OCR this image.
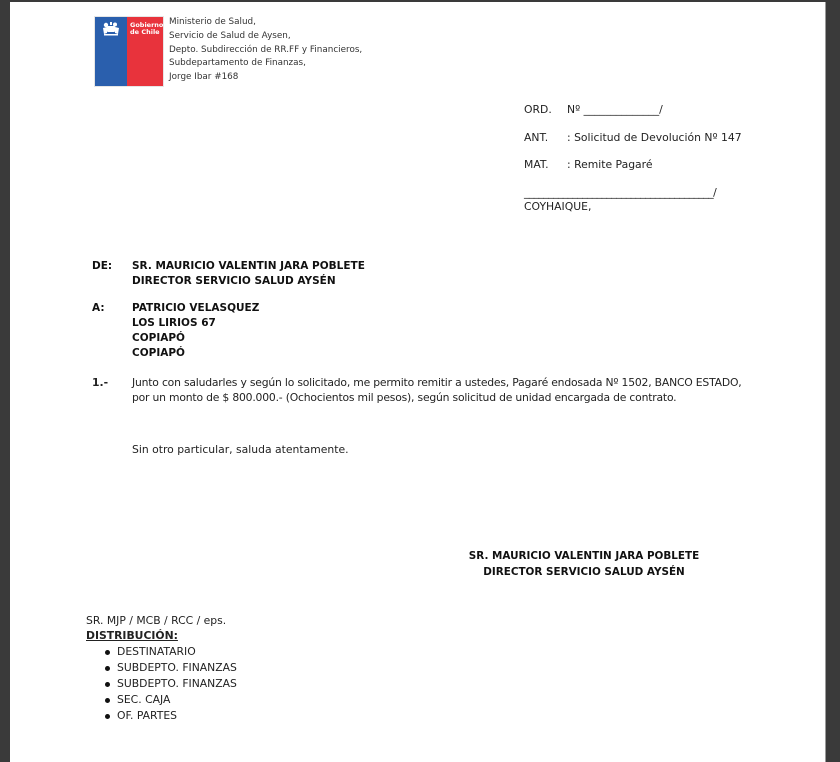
Gobierno
de Chile
Ministerio de Salud,
Servicio de Salud de Aysen,
Depto. Subdirección de RR.FF y Financieros,
Subdepartamento de Finanzas,
Jorge Ibar #168
ORD. Nº ______________/
ANT. : Solicitud de Devolución Nº 147
MAT. : Remite Pagaré
_______________________________________/
COYHAIQUE,
DE: SR. MAURICIO VALENTIN JARA POBLETE
DIRECTOR SERVICIO SALUD AYSÉN
A:	PATRICIO VELASQUEZ
LOS LIRIOS 67
COPIAPÓ
COPIAPÓ
1.- Junto con saludarles y según lo solicitado, me permito remitir a ustedes, Pagaré endosada Nº 1502, BANCO ESTADO,
por un monto de $ 800.000.- (Ochocientos mil pesos), según solicitud de unidad encargada de contrato.
Sin otro particular, saluda atentamente.
SR. MAURICIO VALENTIN JARA POBLETE
DIRECTOR SERVICIO SALUD AYSÉN
SR. MJP / MCB / RCC / eps.
DISTRIBUCIÓN:
DESTINATARIO
SUBDEPTO. FINANZAS
SUBDEPTO. FINANZAS
SEC. CAJA
OF. PARTES
